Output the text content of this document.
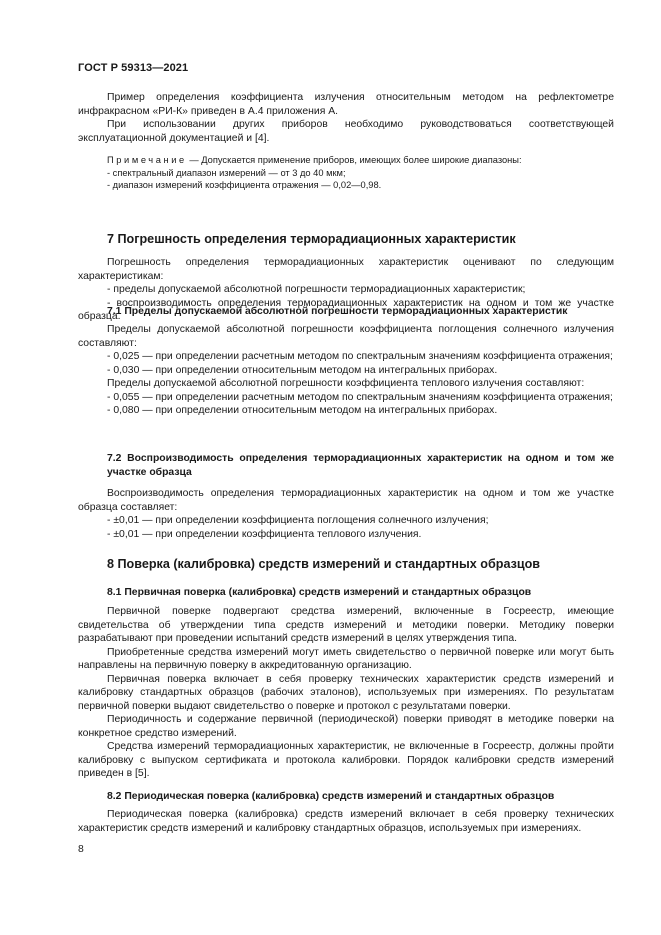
ГОСТ Р 59313—2021

Пример определения коэффициента излучения относительным методом на рефлектометре инфракрасном «РИ-К» приведен в А.4 приложения А.

При использовании других приборов необходимо руководствоваться соответствующей эксплуатационной документацией и [4].

Примечание — Допускается применение приборов, имеющих более широкие диапазоны:

- спектральный диапазон измерений — от 3 до 40 мкм;

- диапазон измерений коэффициента отражения — 0,02—0,98.

7 Погрешность определения терморадиационных характеристик

Погрешность определения терморадиационных характеристик оценивают по следующим характеристикам:

- пределы допускаемой абсолютной погрешности терморадиационных характеристик;

- воспроизводимость определения терморадиационных характеристик на одном и том же участке образца.

7.1 Пределы допускаемой абсолютной погрешности терморадиационных характеристик

Пределы допускаемой абсолютной погрешности коэффициента поглощения солнечного излучения составляют:

- 0,025 — при определении расчетным методом по спектральным значениям коэффициента отражения;

- 0,030 — при определении относительным методом на интегральных приборах.

Пределы допускаемой абсолютной погрешности коэффициента теплового излучения составляют:

- 0,055 — при определении расчетным методом по спектральным значениям коэффициента отражения;

- 0,080 — при определении относительным методом на интегральных приборах.

7.2 Воспроизводимость определения терморадиационных характеристик на одном и том же участке образца

Воспроизводимость определения терморадиационных характеристик на одном и том же участке образца составляет:

- ±0,01 — при определении коэффициента поглощения солнечного излучения;

- ±0,01 — при определении коэффициента теплового излучения.

8 Поверка (калибровка) средств измерений и стандартных образцов

8.1 Первичная поверка (калибровка) средств измерений и стандартных образцов

Первичной поверке подвергают средства измерений, включенные в Госреестр, имеющие свидетельства об утверждении типа средств измерений и методики поверки. Методику поверки разрабатывают при проведении испытаний средств измерений в целях утверждения типа.

Приобретенные средства измерений могут иметь свидетельство о первичной поверке или могут быть направлены на первичную поверку в аккредитованную организацию.

Первичная поверка включает в себя проверку технических характеристик средств измерений и калибровку стандартных образцов (рабочих эталонов), используемых при измерениях. По результатам первичной поверки выдают свидетельство о поверке и протокол с результатами поверки.

Периодичность и содержание первичной (периодической) поверки приводят в методике поверки на конкретное средство измерений.

Средства измерений терморадиационных характеристик, не включенные в Госреестр, должны пройти калибровку с выпуском сертификата и протокола калибровки. Порядок калибровки средств измерений приведен в [5].

8.2 Периодическая поверка (калибровка) средств измерений и стандартных образцов

Периодическая поверка (калибровка) средств измерений включает в себя проверку технических характеристик средств измерений и калибровку стандартных образцов, используемых при измерениях.

8
